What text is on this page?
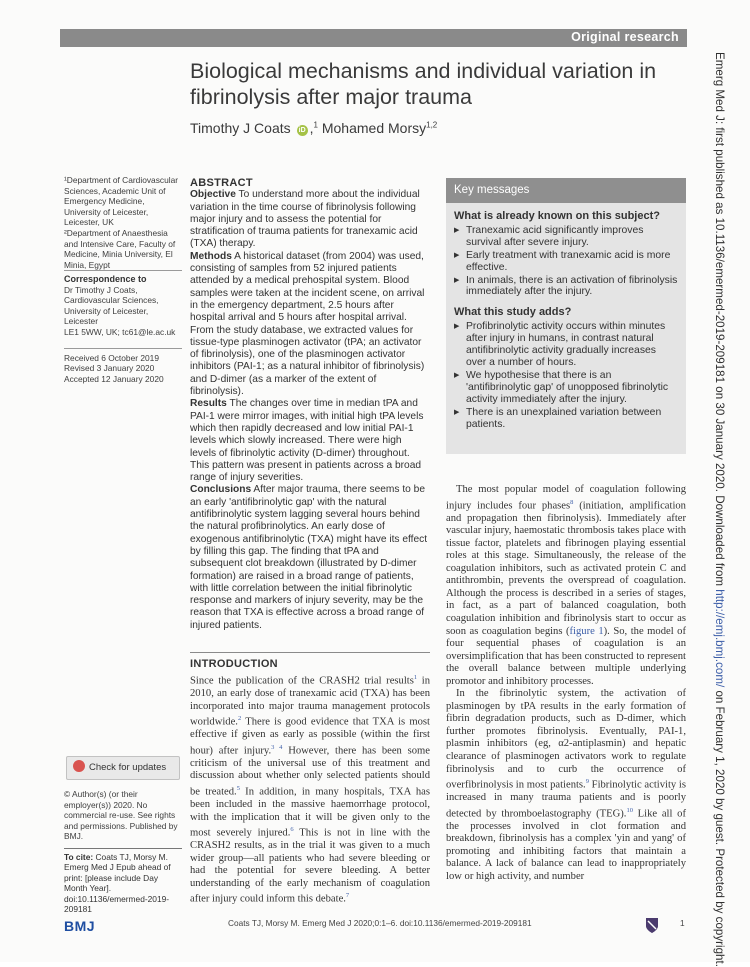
Original research
Biological mechanisms and individual variation in fibrinolysis after major trauma
Timothy J Coats iD ,$^1$ Mohamed Morsy$^{1,2}$
¹Department of Cardiovascular Sciences, Academic Unit of Emergency Medicine, University of Leicester, Leicester, UK
²Department of Anaesthesia and Intensive Care, Faculty of Medicine, Minia University, El Minia, Egypt
Correspondence to
Dr Timothy J Coats,
Cardiovascular Sciences,
University of Leicester, Leicester
LE1 5WW, UK; tc61@le.ac.uk
Received 6 October 2019
Revised 3 January 2020
Accepted 12 January 2020
Check for updates
© Author(s) (or their employer(s)) 2020. No commercial re-use. See rights and permissions. Published by BMJ.
To cite: Coats TJ, Morsy M. Emerg Med J Epub ahead of print: [please include Day Month Year]. doi:10.1136/emermed-2019-209181
ABSTRACT
Objective To understand more about the individual variation in the time course of fibrinolysis following major injury and to assess the potential for stratification of trauma patients for tranexamic acid (TXA) therapy.
Methods A historical dataset (from 2004) was used, consisting of samples from 52 injured patients attended by a medical prehospital system. Blood samples were taken at the incident scene, on arrival in the emergency department, 2.5 hours after hospital arrival and 5 hours after hospital arrival. From the study database, we extracted values for tissue-type plasminogen activator (tPA; an activator of fibrinolysis), one of the plasminogen activator inhibitors (PAI-1; as a natural inhibitor of fibrinolysis) and D-dimer (as a marker of the extent of fibrinolysis).
Results The changes over time in median tPA and PAI-1 were mirror images, with initial high tPA levels which then rapidly decreased and low initial PAI-1 levels which slowly increased. There were high levels of fibrinolytic activity (D-dimer) throughout. This pattern was present in patients across a broad range of injury severities.
Conclusions After major trauma, there seems to be an early 'antifibrinolytic gap' with the natural antifibrinolytic system lagging several hours behind the natural profibrinolytics. An early dose of exogenous antifibrinolytic (TXA) might have its effect by filling this gap. The finding that tPA and subsequent clot breakdown (illustrated by D-dimer formation) are raised in a broad range of patients, with little correlation between the initial fibrinolytic response and markers of injury severity, may be the reason that TXA is effective across a broad range of injured patients.
Key messages
What is already known on this subject?
▶ Tranexamic acid significantly improves survival after severe injury.
▶ Early treatment with tranexamic acid is more effective.
▶ In animals, there is an activation of fibrinolysis immediately after the injury.
What this study adds?
▶ Profibrinolytic activity occurs within minutes after injury in humans, in contrast natural antifibrinolytic activity gradually increases over a number of hours.
▶ We hypothesise that there is an 'antifibrinolytic gap' of unopposed fibrinolytic activity immediately after the injury.
▶ There is an unexplained variation between patients.
INTRODUCTION
Since the publication of the CRASH2 trial results$^1$ in 2010, an early dose of tranexamic acid (TXA) has been incorporated into major trauma management protocols worldwide.$^2$ There is good evidence that TXA is most effective if given as early as possible (within the first hour) after injury.$^{3 4}$ However, there has been some criticism of the universal use of this treatment and discussion about whether only selected patients should be treated.$^5$ In addition, in many hospitals, TXA has been included in the massive haemorrhage protocol, with the implication that it will be given only to the most severely injured.$^6$ This is not in line with the CRASH2 results, as in the trial it was given to a much wider group—all patients who had severe bleeding or had the potential for severe bleeding. A better understanding of the early mechanism of coagulation after injury could inform this debate.$^7$

The most popular model of coagulation following injury includes four phases$^8$ (initiation, amplification and propagation then fibrinolysis). Immediately after vascular injury, haemostatic thrombosis takes place with tissue factor, platelets and fibrinogen playing essential roles at this stage. Simultaneously, the release of the coagulation inhibitors, such as activated protein C and antithrombin, prevents the overspread of coagulation. Although the process is described in a series of stages, in fact, as a part of balanced coagulation, both coagulation inhibition and fibrinolysis start to occur as soon as coagulation begins (figure 1). So, the model of four sequential phases of coagulation is an oversimplification that has been constructed to represent the overall balance between multiple underlying promotor and inhibitory processes.

In the fibrinolytic system, the activation of plasminogen by tPA results in the early formation of fibrin degradation products, such as D-dimer, which further promotes fibrinolysis. Eventually, PAI-1, plasmin inhibitors (eg, α2-antiplasmin) and hepatic clearance of plasminogen activators work to regulate fibrinolysis and to curb the occurrence of overfibrinolysis in most patients.$^9$ Fibrinolytic activity is increased in many trauma patients and is poorly detected by thromboelastography (TEG).$^{10}$ Like all of the processes involved in clot formation and breakdown, fibrinolysis has a complex 'yin and yang' of promoting and inhibiting factors that maintain a balance. A lack of balance can lead to inappropriately low or high activity, and number

BMJ	Coats TJ, Morsy M. Emerg Med J 2020;0:1–6. doi:10.1136/emermed-2019-209181	1
Emerg Med J: first published as 10.1136/emermed-2019-209181 on 30 January 2020. Downloaded from http://emj.bmj.com/ on February 1, 2020 by guest. Protected by copyright.
